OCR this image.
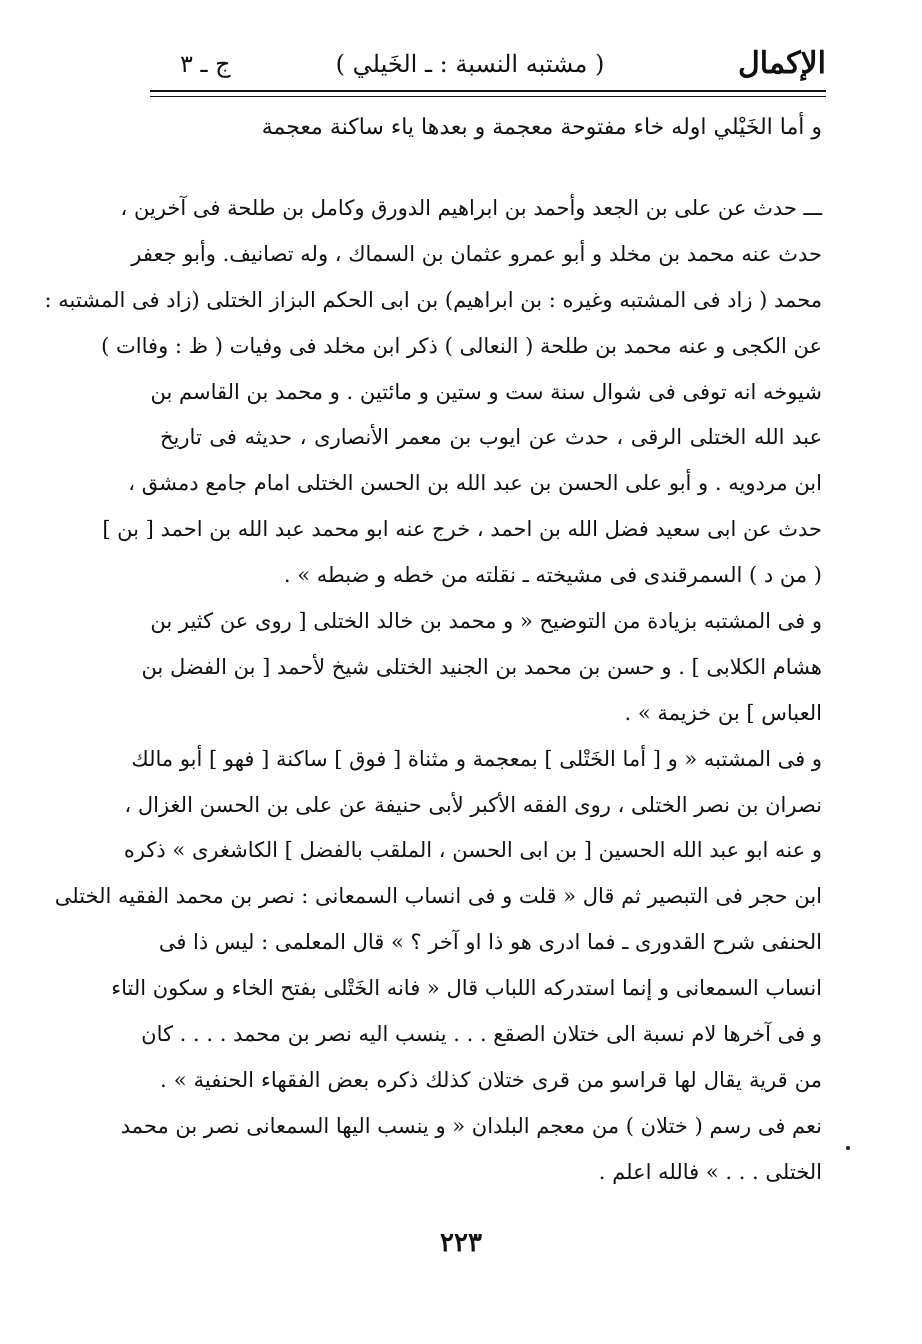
الإكمال
( مشتبه النسبة : ـ الخَيلي )
ج ـ ٣
و أما الخَيْلي اوله خاء مفتوحة معجمة و بعدها ياء ساكنة معجمة
ـــ حدث عن على بن الجعد وأحمد بن ابراهيم الدورق وكامل بن طلحة فى آخرين ،
حدث عنه محمد بن مخلد و أبو عمرو عثمان بن السماك ، وله تصانيف. وأبو جعفر
محمد ( زاد فى المشتبه وغيره : بن ابراهيم) بن ابى الحكم البزاز الختلى (زاد فى المشتبه :
عن الكجى و عنه محمد بن طلحة ( النعالى ) ذكر ابن مخلد فى وفيات ( ظ : وفاات )
شيوخه انه توفى فى شوال سنة ست و ستين و مائتين . و محمد بن القاسم بن
عبد الله الختلى الرقى ، حدث عن ايوب بن معمر الأنصارى ، حديثه فى تاريخ
ابن مردويه . و أبو على الحسن بن عبد الله بن الحسن الختلى امام جامع دمشق ،
حدث عن ابى سعيد فضل الله بن احمد ، خرج عنه ابو محمد عبد الله بن احمد [ بن ]
( من د ) السمرقندى فى مشيخته ـ نقلته من خطه و ضبطه » .
و فى المشتبه بزيادة من التوضيح « و محمد بن خالد الختلى [ روى عن كثير بن
هشام الكلابى ] . و حسن بن محمد بن الجنيد الختلى شيخ لأحمد [ بن الفضل بن
العباس ] بن خزيمة » .
و فى المشتبه « و [ أما الخَتْلى ] بمعجمة و مثناة [ فوق ] ساكنة [ فهو ] أبو مالك
نصران بن نصر الختلى ، روى الفقه الأكبر لأبى حنيفة عن على بن الحسن الغزال ،
و عنه ابو عبد الله الحسين [ بن ابى الحسن ، الملقب بالفضل ] الكاشغرى » ذكره
ابن حجر فى التبصير ثم قال « قلت و فى انساب السمعانى : نصر بن محمد الفقيه الختلى
الحنفى شرح القدورى ـ فما ادرى هو ذا او آخر ؟ » قال المعلمى : ليس ذا فى
انساب السمعانى و إنما استدركه اللباب قال « فانه الخَتْلى بفتح الخاء و سكون التاء
و فى آخرها لام نسبة الى ختلان الصقع . . . ينسب اليه نصر بن محمد . . . . كان
من قرية يقال لها قراسو من قرى ختلان كذلك ذكره بعض الفقهاء الحنفية » .
نعم فى رسم ( ختلان ) من معجم البلدان « و ينسب اليها السمعانى نصر بن محمد
الختلى . . . » فالله اعلم .
٢٢٣
